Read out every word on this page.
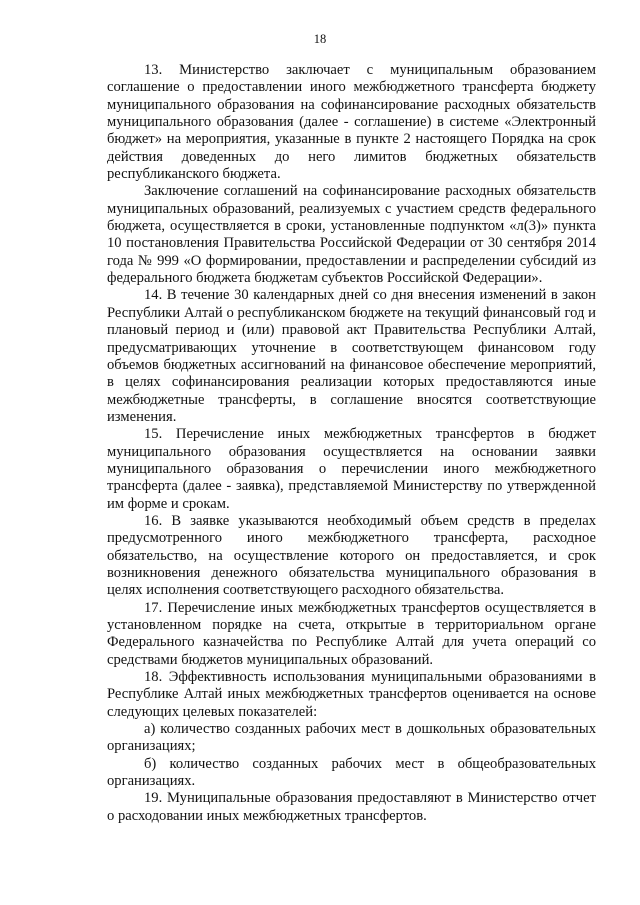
18

13. Министерство заключает с муниципальным образованием соглашение о предоставлении иного межбюджетного трансферта бюджету муниципального образования на софинансирование расходных обязательств муниципального образования (далее - соглашение) в системе «Электронный бюджет» на мероприятия, указанные в пункте 2 настоящего Порядка на срок действия доведенных до него лимитов бюджетных обязательств республиканского бюджета.

Заключение соглашений на софинансирование расходных обязательств муниципальных образований, реализуемых с участием средств федерального бюджета, осуществляется в сроки, установленные подпунктом «л(3)» пункта 10 постановления Правительства Российской Федерации от 30 сентября 2014 года № 999 «О формировании, предоставлении и распределении субсидий из федерального бюджета бюджетам субъектов Российской Федерации».

14. В течение 30 календарных дней со дня внесения изменений в закон Республики Алтай о республиканском бюджете на текущий финансовый год и плановый период и (или) правовой акт Правительства Республики Алтай, предусматривающих уточнение в соответствующем финансовом году объемов бюджетных ассигнований на финансовое обеспечение мероприятий, в целях софинансирования реализации которых предоставляются иные межбюджетные трансферты, в соглашение вносятся соответствующие изменения.

15. Перечисление иных межбюджетных трансфертов в бюджет муниципального образования осуществляется на основании заявки муниципального образования о перечислении иного межбюджетного трансферта (далее - заявка), представляемой Министерству по утвержденной им форме и срокам.

16. В заявке указываются необходимый объем средств в пределах предусмотренного иного межбюджетного трансферта, расходное обязательство, на осуществление которого он предоставляется, и срок возникновения денежного обязательства муниципального образования в целях исполнения соответствующего расходного обязательства.

17. Перечисление иных межбюджетных трансфертов осуществляется в установленном порядке на счета, открытые в территориальном органе Федерального казначейства по Республике Алтай для учета операций со средствами бюджетов муниципальных образований.

18. Эффективность использования муниципальными образованиями в Республике Алтай иных межбюджетных трансфертов оценивается на основе следующих целевых показателей:

а) количество созданных рабочих мест в дошкольных образовательных организациях;

б) количество созданных рабочих мест в общеобразовательных организациях.

19. Муниципальные образования предоставляют в Министерство отчет о расходовании иных межбюджетных трансфертов.
